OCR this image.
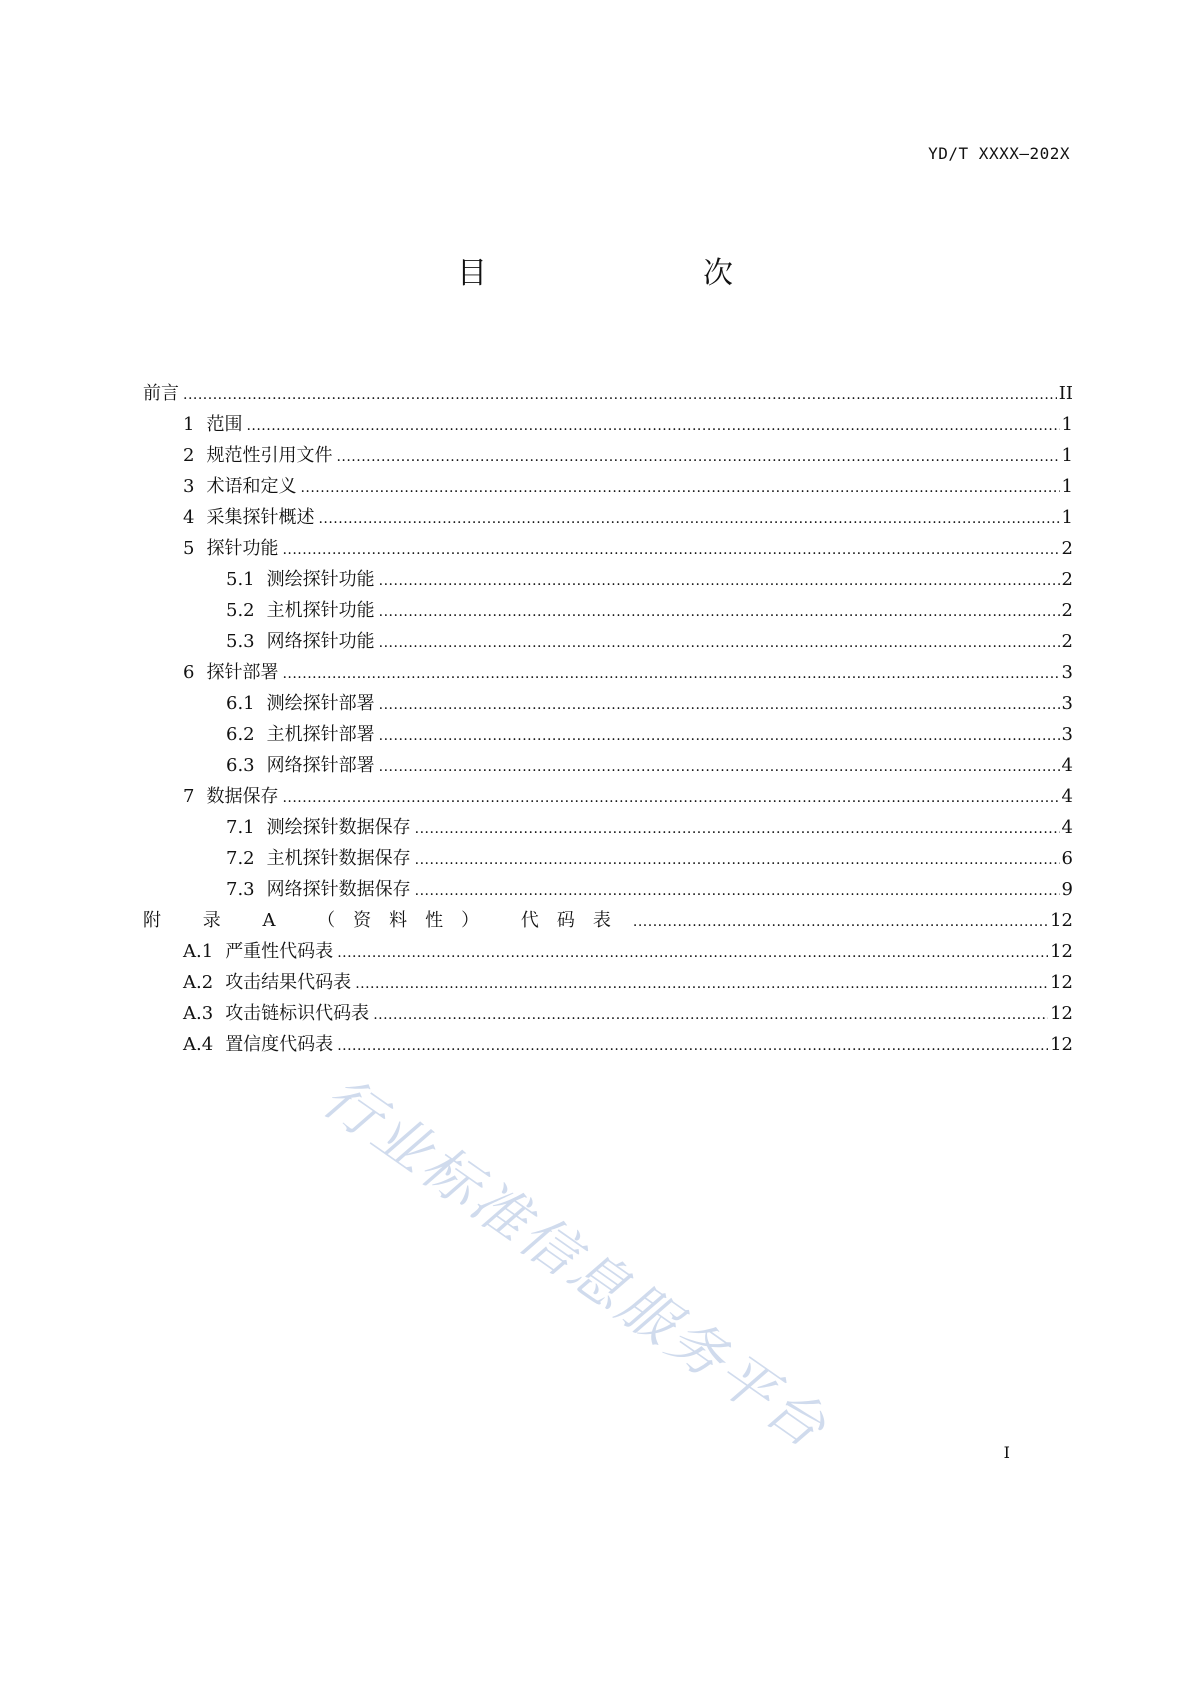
YD/T XXXX—202X
目　　次
前言 .....	II
1 范围 .....	1
2 规范性引用文件 .....	1
3 术语和定义 .....	1
4 采集探针概述 .....	1
5 探针功能 .....	2
5.1 测绘探针功能 .....	2
5.2 主机探针功能 .....	2
5.3 网络探针功能 .....	2
6 探针部署 .....	3
6.1 测绘探针部署 .....	3
6.2 主机探针部署 .....	3
6.3 网络探针部署 .....	4
7 数据保存 .....	4
7.1 测绘探针数据保存 .....	4
7.2 主机探针数据保存 .....	6
7.3 网络探针数据保存 .....	9
附 录 A （资料性） 代码表 .....	12
A.1 严重性代码表 .....	12
A.2 攻击结果代码表 .....	12
A.3 攻击链标识代码表 .....	12
A.4 置信度代码表 .....	12
行业标准信息服务平台	I
